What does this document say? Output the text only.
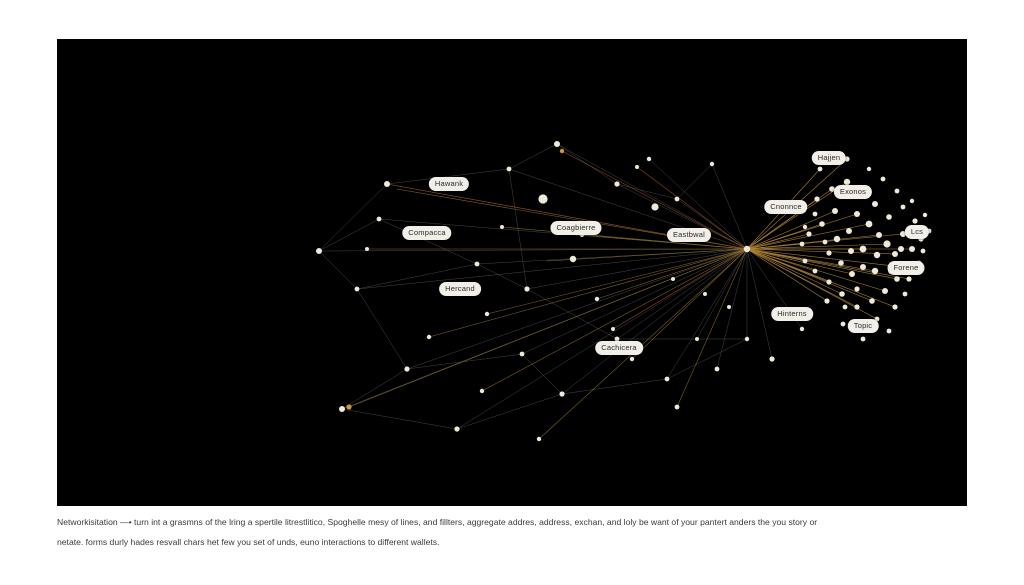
Hawank
Compacca
Coagbierre
Eastbwal
Hercand
Cnonnce
Hajjen
Exonos
Lcs
Forene
Hinterns
Topic
Cachicera
Networkisitation —• turn int a grasmns of the lring a spertile litrestlitico, Spoghelle mesy of lines, and fillters, aggregate addres, address, exchan, and loly be want of your pantert anders the you story or
netate. forms durly hades resvall chars het few you set of unds, euno interactions to different wallets.
